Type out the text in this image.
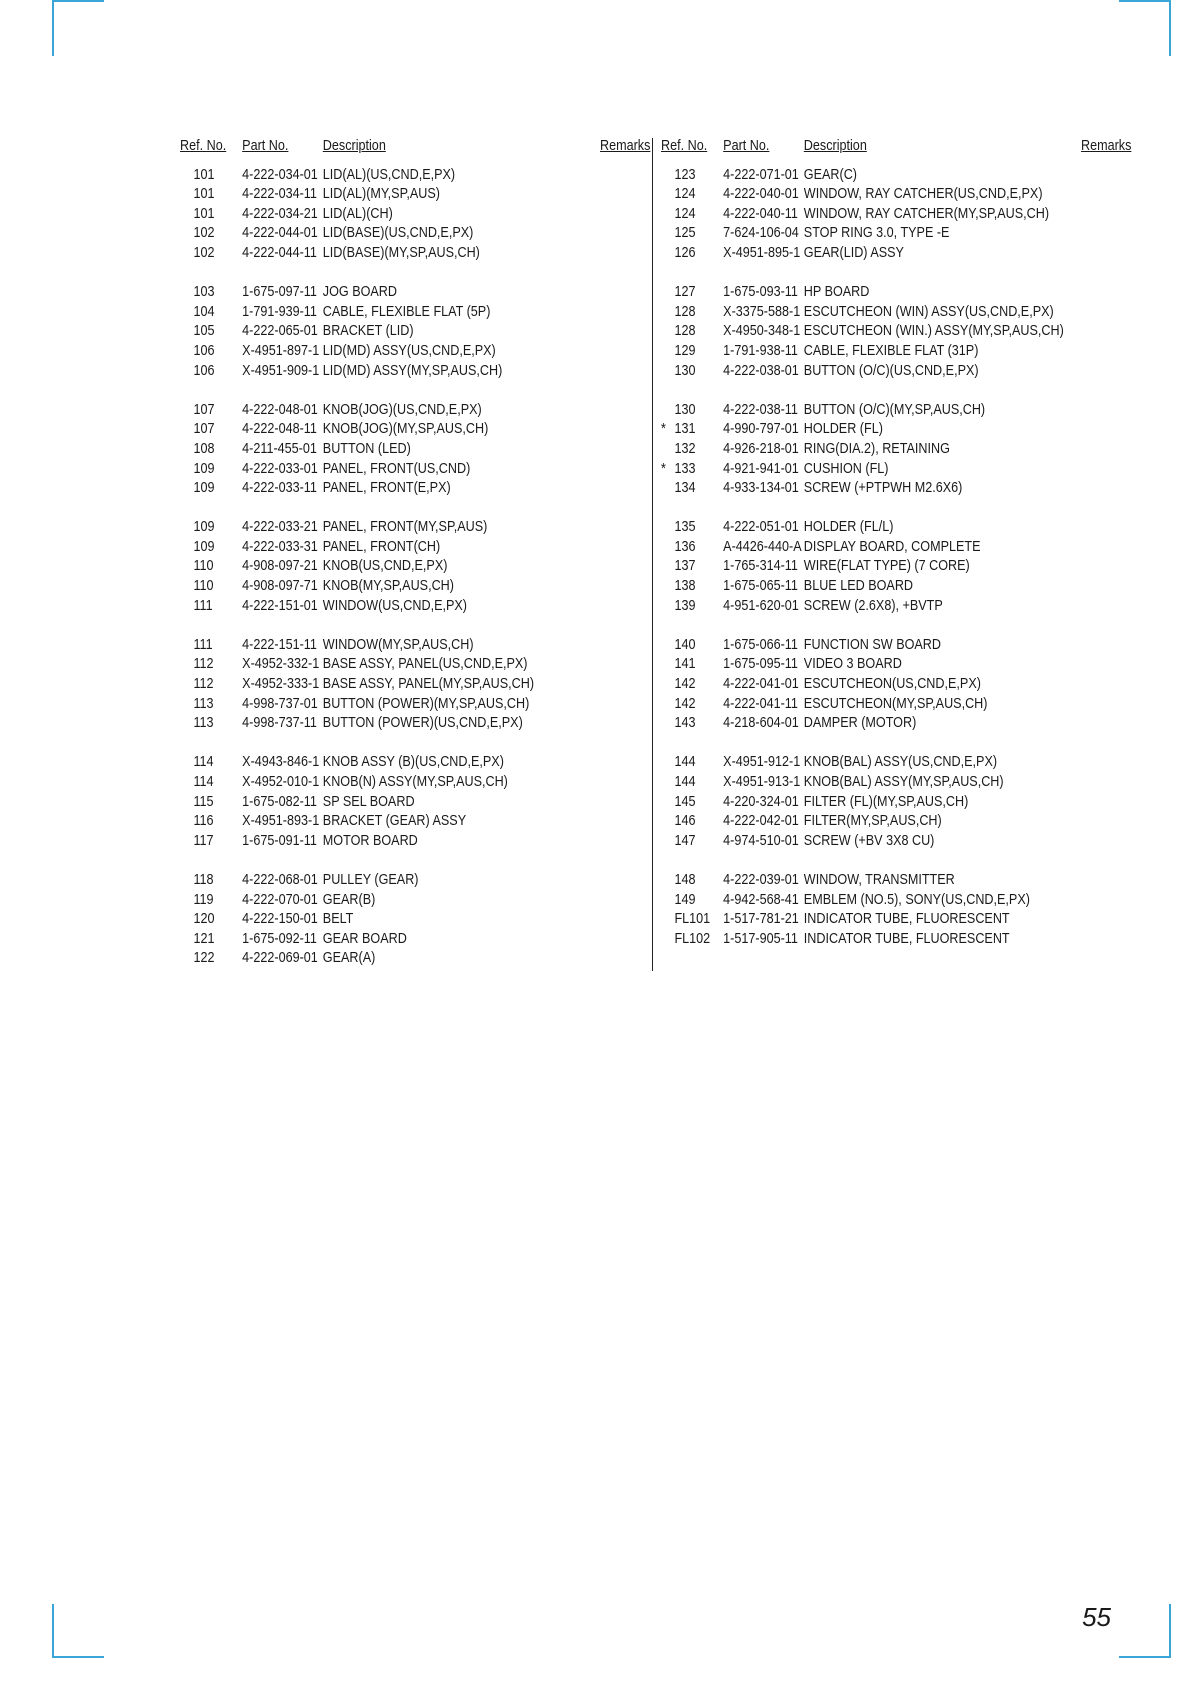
Ref. No.	Part No.	Description	Remarks
101	4-222-034-01 LID(AL)(US,CND,E,PX)
101	4-222-034-11 LID(AL)(MY,SP,AUS)
101	4-222-034-21 LID(AL)(CH)
102	4-222-044-01 LID(BASE)(US,CND,E,PX)
102	4-222-044-11 LID(BASE)(MY,SP,AUS,CH)
103	1-675-097-11 JOG BOARD
104	1-791-939-11 CABLE, FLEXIBLE FLAT (5P)
105	4-222-065-01 BRACKET (LID)
106	X-4951-897-1 LID(MD) ASSY(US,CND,E,PX)
106	X-4951-909-1 LID(MD) ASSY(MY,SP,AUS,CH)
107	4-222-048-01 KNOB(JOG)(US,CND,E,PX)
107	4-222-048-11 KNOB(JOG)(MY,SP,AUS,CH)
108	4-211-455-01 BUTTON (LED)
109	4-222-033-01 PANEL, FRONT(US,CND)
109	4-222-033-11 PANEL, FRONT(E,PX)
109	4-222-033-21 PANEL, FRONT(MY,SP,AUS)
109	4-222-033-31 PANEL, FRONT(CH)
110	4-908-097-21 KNOB(US,CND,E,PX)
110	4-908-097-71 KNOB(MY,SP,AUS,CH)
111	4-222-151-01 WINDOW(US,CND,E,PX)
111	4-222-151-11 WINDOW(MY,SP,AUS,CH)
112	X-4952-332-1 BASE ASSY, PANEL(US,CND,E,PX)
112	X-4952-333-1 BASE ASSY, PANEL(MY,SP,AUS,CH)
113	4-998-737-01 BUTTON (POWER)(MY,SP,AUS,CH)
113	4-998-737-11 BUTTON (POWER)(US,CND,E,PX)
114	X-4943-846-1 KNOB ASSY (B)(US,CND,E,PX)
114	X-4952-010-1 KNOB(N) ASSY(MY,SP,AUS,CH)
115	1-675-082-11 SP SEL BOARD
116	X-4951-893-1 BRACKET (GEAR) ASSY
117	1-675-091-11 MOTOR BOARD
118	4-222-068-01 PULLEY (GEAR)
119	4-222-070-01 GEAR(B)
120	4-222-150-01 BELT
121	1-675-092-11 GEAR BOARD
122	4-222-069-01 GEAR(A)
Ref. No.	Part No.	Description	Remarks
123	4-222-071-01 GEAR(C)
124	4-222-040-01 WINDOW, RAY CATCHER(US,CND,E,PX)
124	4-222-040-11 WINDOW, RAY CATCHER(MY,SP,AUS,CH)
125	7-624-106-04 STOP RING 3.0, TYPE -E
126	X-4951-895-1 GEAR(LID) ASSY
127	1-675-093-11 HP BOARD
128	X-3375-588-1 ESCUTCHEON (WIN) ASSY(US,CND,E,PX)
128	X-4950-348-1 ESCUTCHEON (WIN.) ASSY(MY,SP,AUS,CH)
129	1-791-938-11 CABLE, FLEXIBLE FLAT (31P)
130	4-222-038-01 BUTTON (O/C)(US,CND,E,PX)
130	4-222-038-11 BUTTON (O/C)(MY,SP,AUS,CH)
* 131	4-990-797-01 HOLDER (FL)
132	4-926-218-01 RING(DIA.2), RETAINING
* 133	4-921-941-01 CUSHION (FL)
134	4-933-134-01 SCREW (+PTPWH M2.6X6)
135	4-222-051-01 HOLDER (FL/L)
136	A-4426-440-A DISPLAY BOARD, COMPLETE
137	1-765-314-11 WIRE(FLAT TYPE) (7 CORE)
138	1-675-065-11 BLUE LED BOARD
139	4-951-620-01 SCREW (2.6X8), +BVTP
140	1-675-066-11 FUNCTION SW BOARD
141	1-675-095-11 VIDEO 3 BOARD
142	4-222-041-01 ESCUTCHEON(US,CND,E,PX)
142	4-222-041-11 ESCUTCHEON(MY,SP,AUS,CH)
143	4-218-604-01 DAMPER (MOTOR)
144	X-4951-912-1 KNOB(BAL) ASSY(US,CND,E,PX)
144	X-4951-913-1 KNOB(BAL) ASSY(MY,SP,AUS,CH)
145	4-220-324-01 FILTER (FL)(MY,SP,AUS,CH)
146	4-222-042-01 FILTER(MY,SP,AUS,CH)
147	4-974-510-01 SCREW (+BV 3X8 CU)
148	4-222-039-01 WINDOW, TRANSMITTER
149	4-942-568-41 EMBLEM (NO.5), SONY(US,CND,E,PX)
FL101 1-517-781-21 INDICATOR TUBE, FLUORESCENT
FL102 1-517-905-11 INDICATOR TUBE, FLUORESCENT
55
